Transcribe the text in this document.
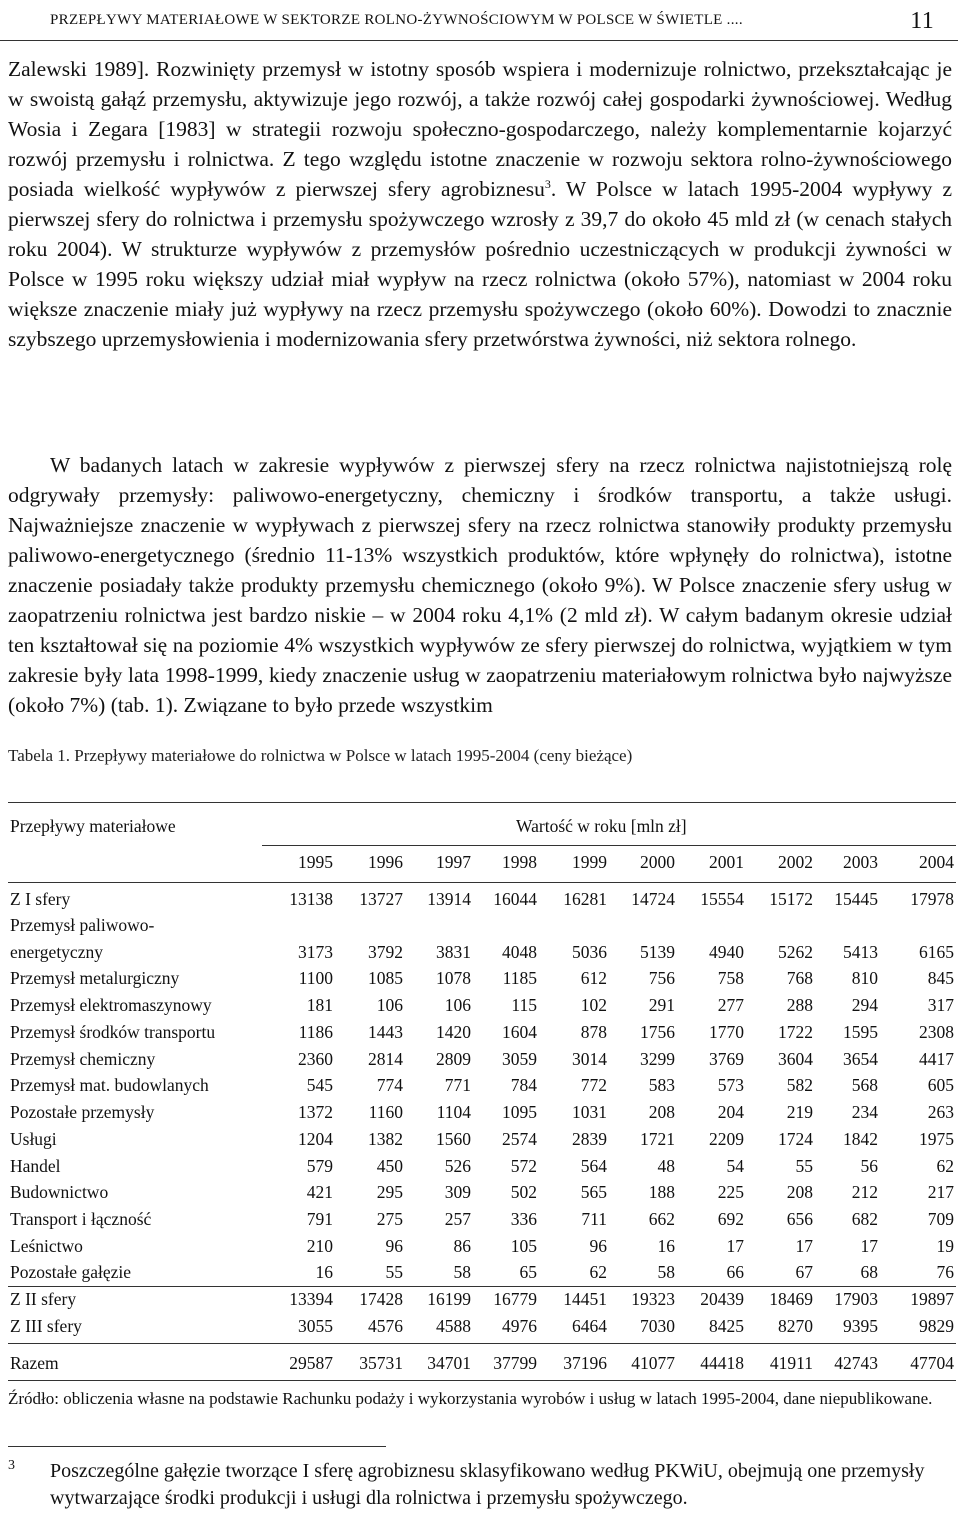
PRZEPŁYWY MATERIAŁOWE W SEKTORZE ROLNO-ŻYWNOŚCIOWYM W POLSCE W ŚWIETLE ....	11

Zalewski 1989]. Rozwinięty przemysł w istotny sposób wspiera i modernizuje rolnictwo, przekształcając je w swoistą gałąź przemysłu, aktywizuje jego rozwój, a także rozwój całej gospodarki żywnościowej. Według Wosia i Zegara [1983] w strategii rozwoju społeczno-gospodarczego, należy komplementarnie kojarzyć rozwój przemysłu i rolnictwa. Z tego względu istotne znaczenie w rozwoju sektora rolno-żywnościowego posiada wielkość wypływów z pierwszej sfery agrobiznesu$^3$. W Polsce w latach 1995-2004 wypływy z pierwszej sfery do rolnictwa i przemysłu spożywczego wzrosły z 39,7 do około 45 mld zł (w cenach stałych roku 2004). W strukturze wypływów z przemysłów pośrednio uczestniczących w produkcji żywności w Polsce w 1995 roku większy udział miał wypływ na rzecz rolnictwa (około 57%), natomiast w 2004 roku większe znaczenie miały już wypływy na rzecz przemysłu spożywczego (około 60%). Dowodzi to znacznie szybszego uprzemysłowienia i modernizowania sfery przetwórstwa żywności, niż sektora rolnego.

W badanych latach w zakresie wypływów z pierwszej sfery na rzecz rolnictwa najistotniejszą rolę odgrywały przemysły: paliwowo-energetyczny, chemiczny i środków transportu, a także usługi. Najważniejsze znaczenie w wypływach z pierwszej sfery na rzecz rolnictwa stanowiły produkty przemysłu paliwowo-energetycznego (średnio 11-13% wszystkich produktów, które wpłynęły do rolnictwa), istotne znaczenie posiadały także produkty przemysłu chemicznego (około 9%). W Polsce znaczenie sfery usług w zaopatrzeniu rolnictwa jest bardzo niskie – w 2004 roku 4,1% (2 mld zł). W całym badanym okresie udział ten kształtował się na poziomie 4% wszystkich wypływów ze sfery pierwszej do rolnictwa, wyjątkiem w tym zakresie były lata 1998-1999, kiedy znaczenie usług w zaopatrzeniu materiałowym rolnictwa było najwyższe (około 7%) (tab. 1). Związane to było przede wszystkim

Tabela 1. Przepływy materiałowe do rolnictwa w Polsce w latach 1995-2004 (ceny bieżące)
Przepływy materiałowe	Wartość w roku [mln zł]
1995	1996	1997	1998	1999	2000	2001	2002	2003	2004
Z I sfery	13138	13727	13914	16044	16281	14724	15554	15172	15445	17978
Przemysł paliwowo-
energetyczny	3173	3792	3831	4048	5036	5139	4940	5262	5413	6165
Przemysł metalurgiczny	1100	1085	1078	1185	612	756	758	768	810	845
Przemysł elektromaszynowy	181	106	106	115	102	291	277	288	294	317
Przemysł środków transportu	1186	1443	1420	1604	878	1756	1770	1722	1595	2308
Przemysł chemiczny	2360	2814	2809	3059	3014	3299	3769	3604	3654	4417
Przemysł mat. budowlanych	545	774	771	784	772	583	573	582	568	605
Pozostałe przemysły	1372	1160	1104	1095	1031	208	204	219	234	263
Usługi	1204	1382	1560	2574	2839	1721	2209	1724	1842	1975
Handel	579	450	526	572	564	48	54	55	56	62
Budownictwo	421	295	309	502	565	188	225	208	212	217
Transport i łączność	791	275	257	336	711	662	692	656	682	709
Leśnictwo	210	96	86	105	96	16	17	17	17	19
Pozostałe gałęzie	16	55	58	65	62	58	66	67	68	76
Z II sfery	13394	17428	16199	16779	14451	19323	20439	18469	17903	19897
Z III sfery	3055	4576	4588	4976	6464	7030	8425	8270	9395	9829
Razem	29587	35731	34701	37799	37196	41077	44418	41911	42743	47704
Źródło: obliczenia własne na podstawie Rachunku podaży i wykorzystania wyrobów i usług w latach 1995-2004, dane niepublikowane.
3 Poszczególne gałęzie tworzące I sferę agrobiznesu sklasyfikowano według PKWiU, obejmują one przemysły wytwarzające środki produkcji i usługi dla rolnictwa i przemysłu spożywczego.
